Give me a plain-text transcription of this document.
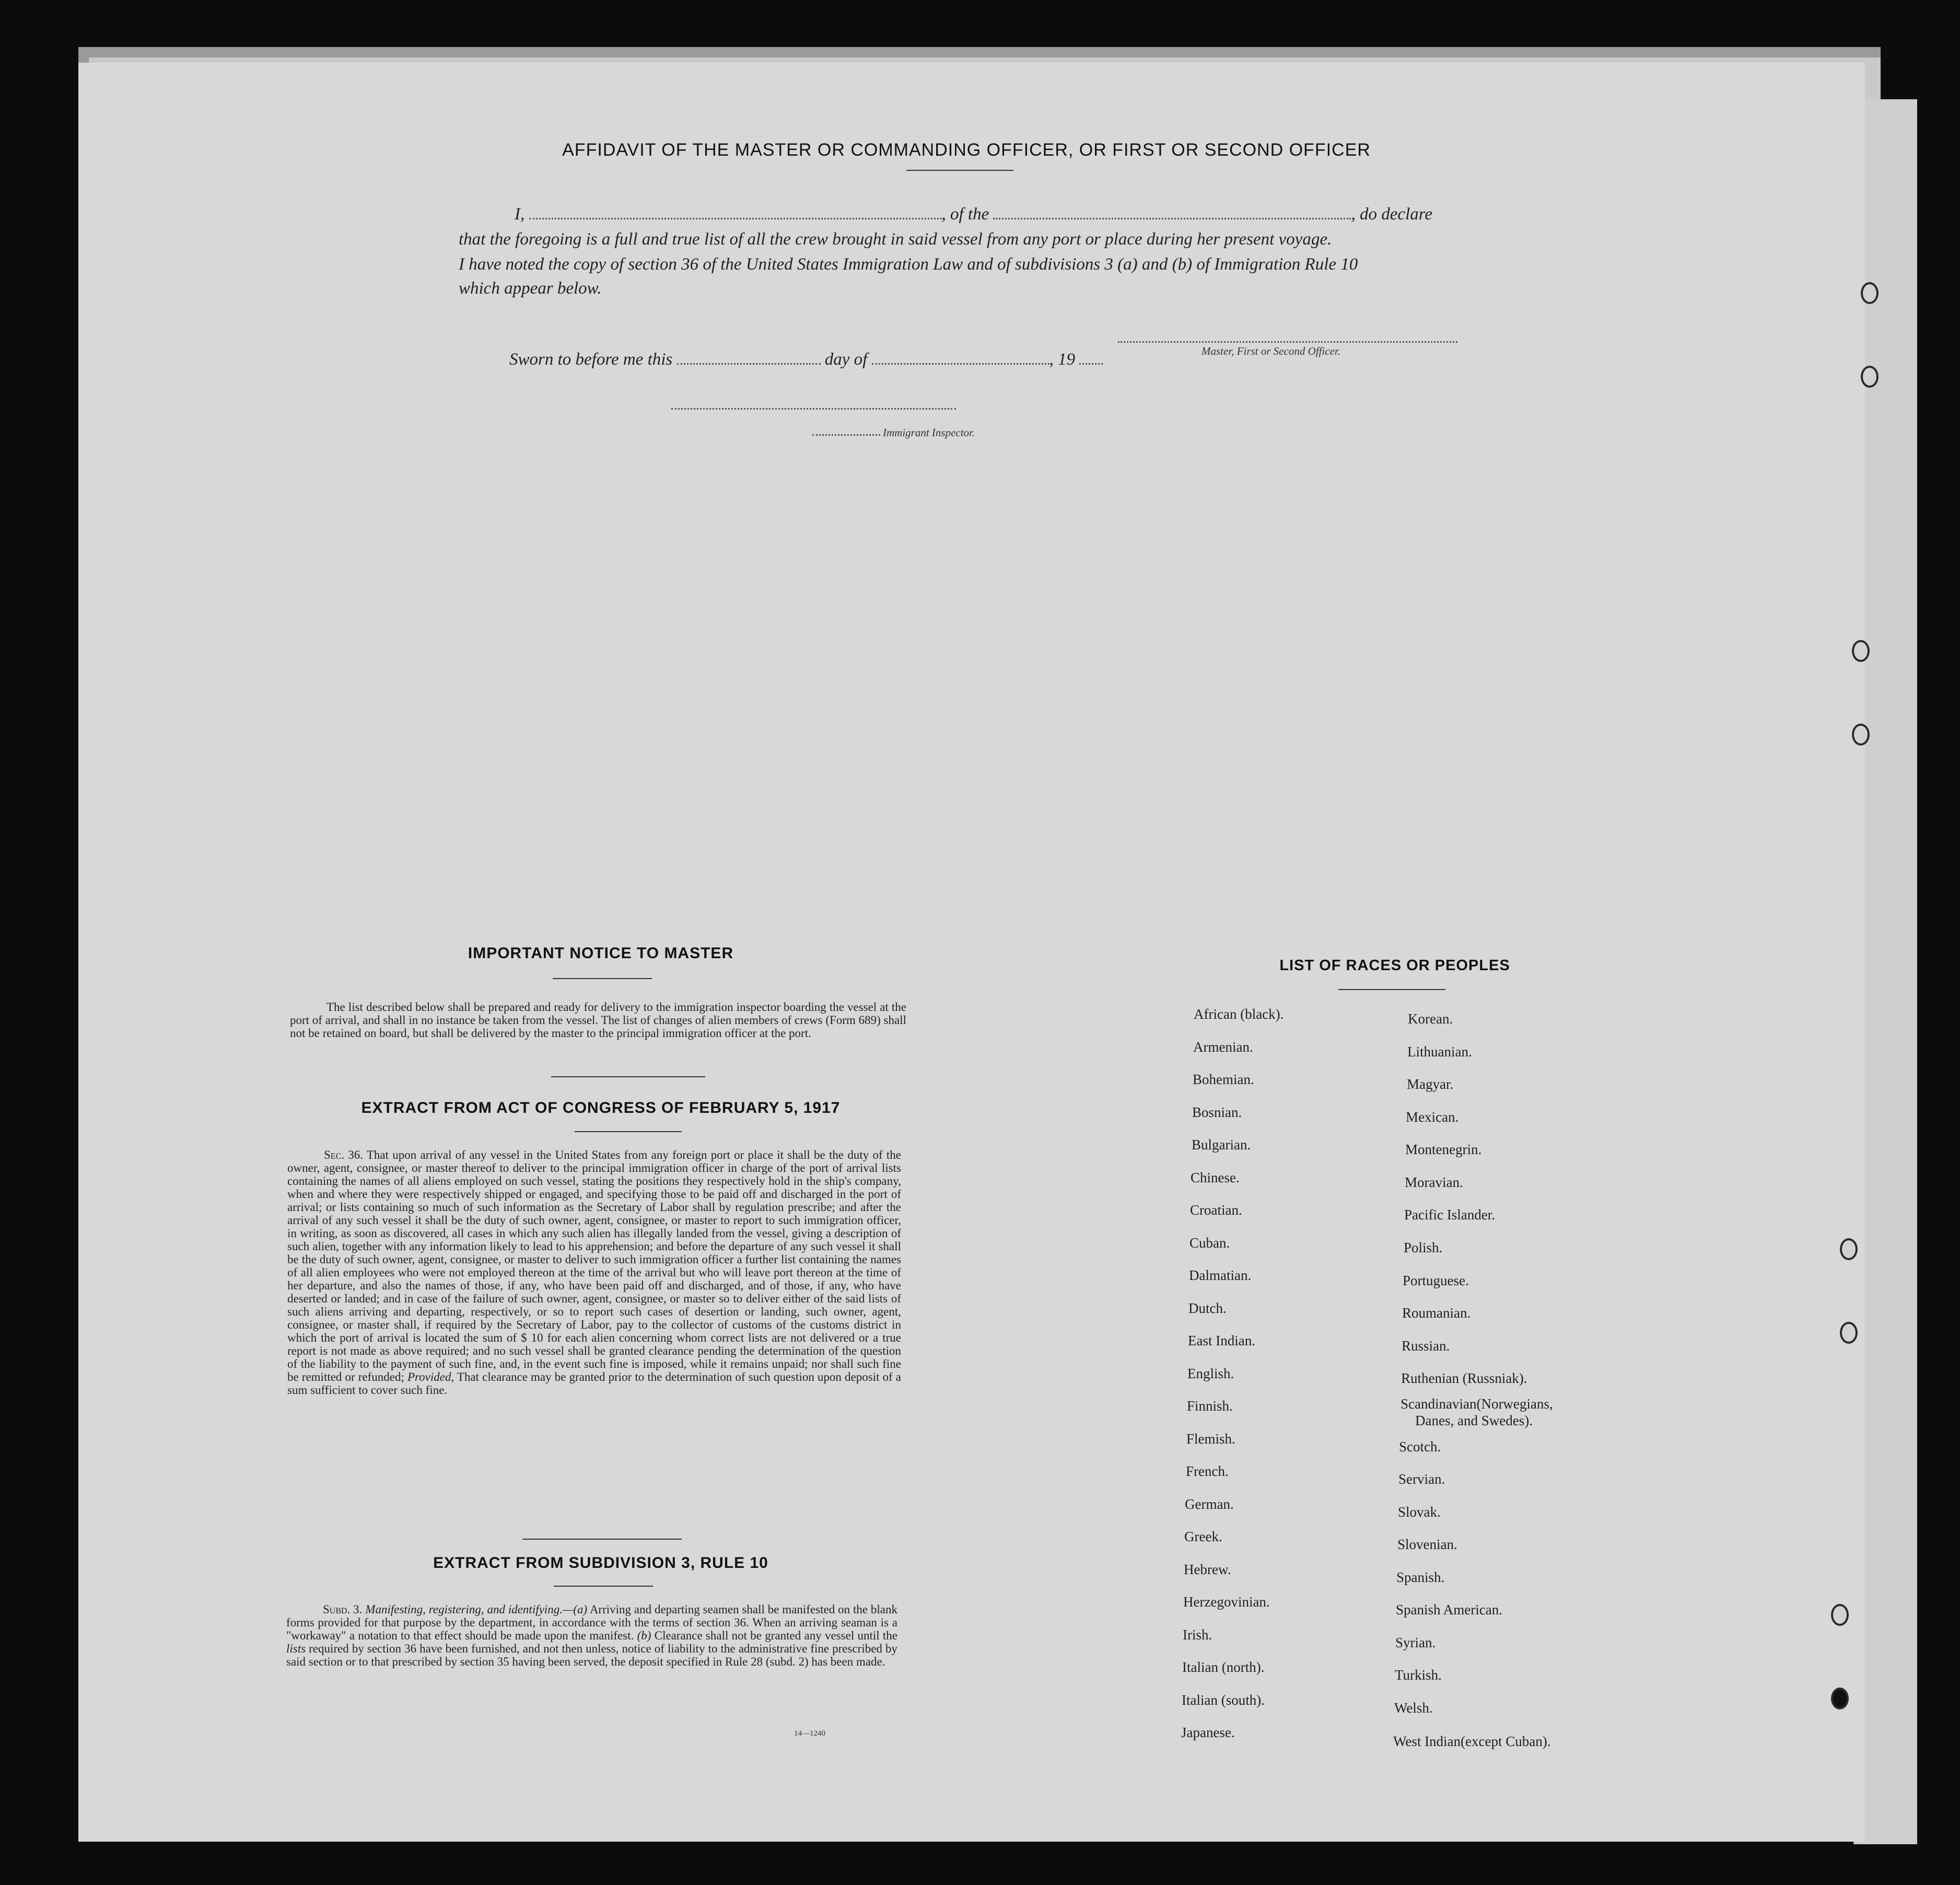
AFFIDAVIT OF THE MASTER OR COMMANDING OFFICER, OR FIRST OR SECOND OFFICER
I,	, of the	, do declare
that the foregoing is a full and true list of all the crew brought in said vessel from any port or place during her present voyage.
I have noted the copy of section 36 of the United States Immigration Law and of subdivisions 3 (a) and (b) of Immigration Rule 10
which appear below.
Master, First or Second Officer.
Sworn to before me this	day of	, 19
Immigrant Inspector.
IMPORTANT NOTICE TO MASTER
The list described below shall be prepared and ready for delivery to the immigration inspector boarding the vessel at the port of arrival, and shall in no instance be taken from the vessel. The list of changes of alien members of crews (Form 689) shall not be retained on board, but shall be delivered by the master to the principal immigration officer at the port.
EXTRACT FROM ACT OF CONGRESS OF FEBRUARY 5, 1917
Sec. 36. That upon arrival of any vessel in the United States from any foreign port or place it shall be the duty of the owner, agent, consignee, or master thereof to deliver to the principal immigration officer in charge of the port of arrival lists containing the names of all aliens employed on such vessel, stating the positions they respectively hold in the ship's company, when and where they were respectively shipped or engaged, and specifying those to be paid off and discharged in the port of arrival; or lists containing so much of such information as the Secretary of Labor shall by regulation prescribe; and after the arrival of any such vessel it shall be the duty of such owner, agent, consignee, or master to report to such immigration officer, in writing, as soon as discovered, all cases in which any such alien has illegally landed from the vessel, giving a description of such alien, together with any information likely to lead to his apprehension; and before the departure of any such vessel it shall be the duty of such owner, agent, consignee, or master to deliver to such immigration officer a further list containing the names of all alien employees who were not employed thereon at the time of the arrival but who will leave port thereon at the time of her departure, and also the names of those, if any, who have been paid off and discharged, and of those, if any, who have deserted or landed; and in case of the failure of such owner, agent, consignee, or master so to deliver either of the said lists of such aliens arriving and departing, respectively, or so to report such cases of desertion or landing, such owner, agent, consignee, or master shall, if required by the Secretary of Labor, pay to the collector of customs of the customs district in which the port of arrival is located the sum of $ 10 for each alien concerning whom correct lists are not delivered or a true report is not made as above required; and no such vessel shall be granted clearance pending the determination of the question of the liability to the payment of such fine, and, in the event such fine is imposed, while it remains unpaid; nor shall such fine be remitted or refunded; Provided, That clearance may be granted prior to the determination of such question upon deposit of a sum sufficient to cover such fine.
EXTRACT FROM SUBDIVISION 3, RULE 10
Subd. 3. Manifesting, registering, and identifying.—(a) Arriving and departing seamen shall be manifested on the blank forms provided for that purpose by the department, in accordance with the terms of section 36. When an arriving seaman is a "workaway" a notation to that effect should be made upon the manifest. (b) Clearance shall not be granted any vessel until the lists required by section 36 have been furnished, and not then unless, notice of liability to the administrative fine prescribed by said section or to that prescribed by section 35 having been served, the deposit specified in Rule 28 (subd. 2) has been made.
14—1240
LIST OF RACES OR PEOPLES
African (black).
Armenian.
Bohemian.
Bosnian.
Bulgarian.
Chinese.
Croatian.
Cuban.
Dalmatian.
Dutch.
East Indian.
English.
Finnish.
Flemish.
French.
German.
Greek.
Hebrew.
Herzegovinian.
Irish.
Italian (north).
Italian (south).
Japanese.
Korean.
Lithuanian.
Magyar.
Mexican.
Montenegrin.
Moravian.
Pacific Islander.
Polish.
Portuguese.
Roumanian.
Russian.
Ruthenian (Russniak).
Scandinavian(Norwegians,
Danes, and Swedes).
Scotch.
Servian.
Slovak.
Slovenian.
Spanish.
Spanish American.
Syrian.
Turkish.
Welsh.
West Indian(except Cuban).
